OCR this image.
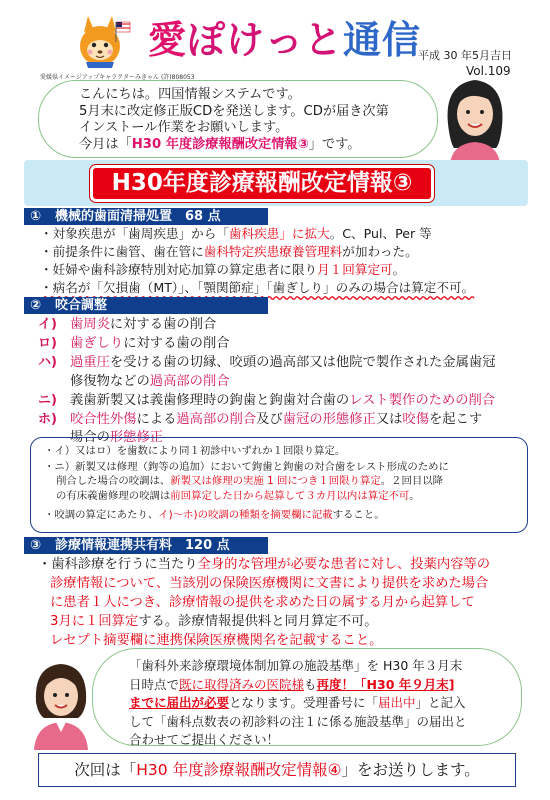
愛ぽけっと通信
平成 30 年5月吉日
Vol.109
愛媛県イメージアップキャラクターみきゃん (許)808053
こんにちは。四国情報システムです。
5月末に改定修正版CDを発送します。CDが届き次第
インストール作業をお願いします。
今月は「H30 年度診療報酬改定情報③」です。
H30年度診療報酬改定情報③
① 機械的歯面清掃処置　68 点
・対象疾患が「歯周疾患」から「歯科疾患」に拡大。C、Pul、Per 等
・前提条件に歯管、歯在管に歯科特定疾患療養管理料が加わった。
・妊婦や歯科診療特別対応加算の算定患者に限り月１回算定可。
・病名が「欠損歯（MT）」、「顎関節症」「歯ぎしり」のみの場合は算定不可。
② 咬合調整
イ) 歯周炎に対する歯の削合
ロ) 歯ぎしりに対する歯の削合
ハ) 過重圧を受ける歯の切縁、咬頭の過高部又は他院で製作された金属歯冠
修復物などの過高部の削合
ニ) 義歯新製又は義歯修理時の鉤歯と鉤歯対合歯のレスト製作のための削合
ホ) 咬合性外傷による過高部の削合及び歯冠の形態修正又は咬傷を起こす
場合の形態修正
・イ）又はロ）を歯数により同１初診中いずれか１回限り算定。
・ニ）新製又は修理（鉤等の追加）において鉤歯と鉤歯の対合歯をレスト形成のために
削合した場合の咬調は、新製又は修理の実施 1 回につき１回限り算定。２回目以降
の有床義歯修理の咬調は前回算定した日から起算して３カ月以内は算定不可。
・咬調の算定にあたり、イ)～ホ)の咬調の種類を摘要欄に記載すること。
③ 診療情報連携共有料　120 点
・歯科診療を行うに当たり全身的な管理が必要な患者に対し、投薬内容等の
診療情報について、当該別の保険医療機関に文書により提供を求めた場合
に患者１人につき、診療情報の提供を求めた日の属する月から起算して
3月に１回算定する。診療情報提供料と同月算定不可。
レセプト摘要欄に連携保険医療機関名を記載すること。
「歯科外来診療環境体制加算の施設基準」を H30 年３月末
日時点で既に取得済みの医院様も再度！「H30 年９月末]
までに届出が必要となります。受理番号に「届出中」と記入
して「歯科点数表の初診料の注１に係る施設基準」の届出と
合わせてご提出ください！
次回は「H30 年度診療報酬改定情報④」をお送りします。
